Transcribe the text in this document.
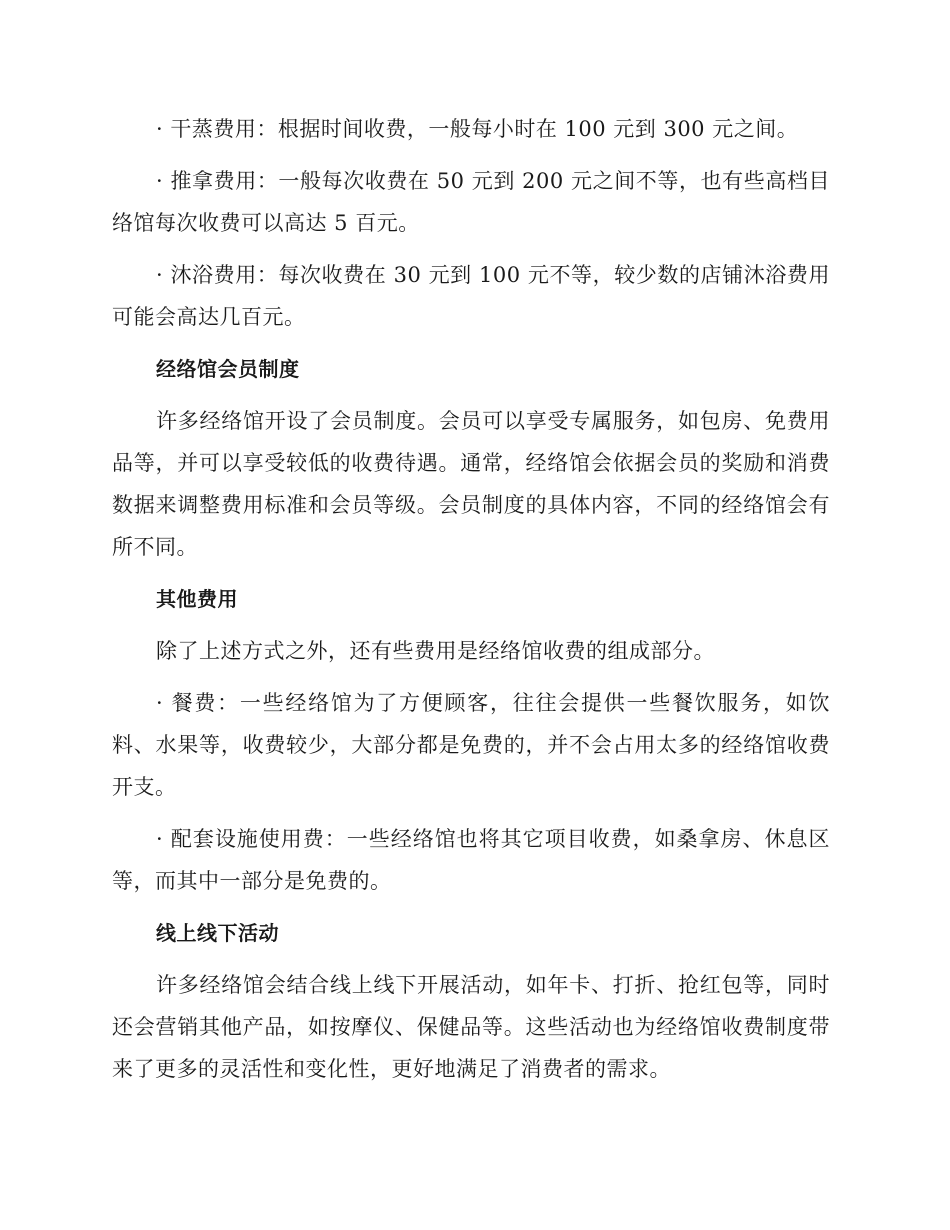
· 干蒸费用：根据时间收费，一般每小时在 100 元到 300 元之间。

· 推拿费用：一般每次收费在 50 元到 200 元之间不等，也有些高档目络馆每次收费可以高达 5 百元。

· 沐浴费用：每次收费在 30 元到 100 元不等，较少数的店铺沐浴费用可能会高达几百元。

经络馆会员制度

许多经络馆开设了会员制度。会员可以享受专属服务，如包房、免费用品等，并可以享受较低的收费待遇。通常，经络馆会依据会员的奖励和消费数据来调整费用标准和会员等级。会员制度的具体内容，不同的经络馆会有所不同。

其他费用

除了上述方式之外，还有些费用是经络馆收费的组成部分。

· 餐费：一些经络馆为了方便顾客，往往会提供一些餐饮服务，如饮料、水果等，收费较少，大部分都是免费的，并不会占用太多的经络馆收费开支。

· 配套设施使用费：一些经络馆也将其它项目收费，如桑拿房、休息区等，而其中一部分是免费的。

线上线下活动

许多经络馆会结合线上线下开展活动，如年卡、打折、抢红包等，同时还会营销其他产品，如按摩仪、保健品等。这些活动也为经络馆收费制度带来了更多的灵活性和变化性，更好地满足了消费者的需求。
